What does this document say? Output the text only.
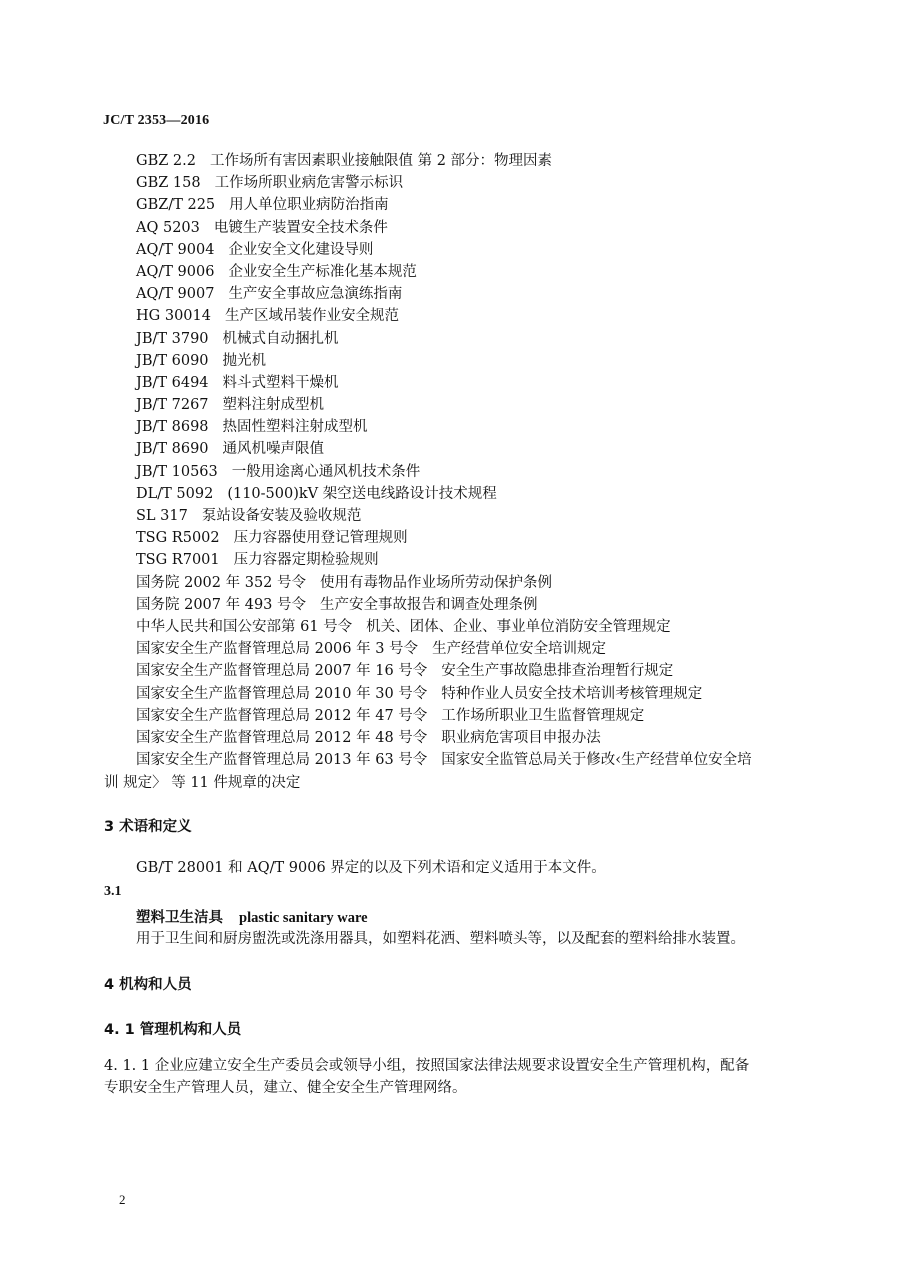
JC/T 2353—2016
GBZ 2.2 工作场所有害因素职业接触限值 第 2 部分：物理因素
GBZ 158 工作场所职业病危害警示标识
GBZ/T 225 用人单位职业病防治指南
AQ 5203 电镀生产装置安全技术条件
AQ/T 9004 企业安全文化建设导则
AQ/T 9006 企业安全生产标准化基本规范
AQ/T 9007 生产安全事故应急演练指南
HG 30014 生产区域吊装作业安全规范
JB/T 3790 机械式自动捆扎机
JB/T 6090 抛光机
JB/T 6494 料斗式塑料干燥机
JB/T 7267 塑料注射成型机
JB/T 8698 热固性塑料注射成型机
JB/T 8690 通风机噪声限值
JB/T 10563 一般用途离心通风机技术条件
DL/T 5092 (110-500)kV 架空送电线路设计技术规程
SL 317 泵站设备安装及验收规范
TSG R5002 压力容器使用登记管理规则
TSG R7001 压力容器定期检验规则
国务院 2002 年 352 号令 使用有毒物品作业场所劳动保护条例
国务院 2007 年 493 号令 生产安全事故报告和调查处理条例
中华人民共和国公安部第 61 号令 机关、团体、企业、事业单位消防安全管理规定
国家安全生产监督管理总局 2006 年 3 号令 生产经营单位安全培训规定
国家安全生产监督管理总局 2007 年 16 号令 安全生产事故隐患排查治理暂行规定
国家安全生产监督管理总局 2010 年 30 号令 特种作业人员安全技术培训考核管理规定
国家安全生产监督管理总局 2012 年 47 号令 工作场所职业卫生监督管理规定
国家安全生产监督管理总局 2012 年 48 号令 职业病危害项目申报办法
国家安全生产监督管理总局 2013 年 63 号令 国家安全监管总局关于修改‹生产经营单位安全培
训 规定〉 等 11 件规章的决定
3 术语和定义
GB/T 28001 和 AQ/T 9006 界定的以及下列术语和定义适用于本文件。
3.1
塑料卫生洁具 plastic sanitary ware
用于卫生间和厨房盥洗或洗涤用器具，如塑料花洒、塑料喷头等，以及配套的塑料给排水装置。
4 机构和人员
4. 1 管理机构和人员
4. 1. 1 企业应建立安全生产委员会或领导小组，按照国家法律法规要求设置安全生产管理机构，配备
专职安全生产管理人员，建立、健全安全生产管理网络。
2
